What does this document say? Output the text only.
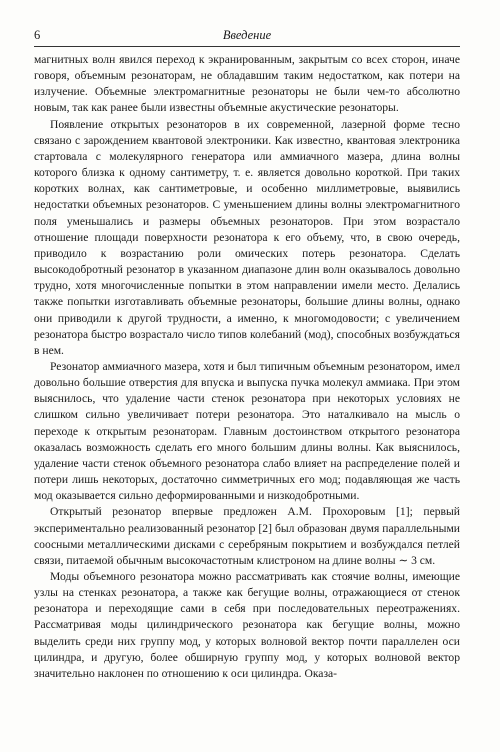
6	Введение

магнитных волн явился переход к экранированным, закрытым со всех сторон, иначе говоря, объемным резонаторам, не обладавшим таким недостатком, как потери на излучение. Объемные электромагнитные резонаторы не были чем-то абсолютно новым, так как ранее были известны объемные акустические резонаторы.

Появление открытых резонаторов в их современной, лазерной форме тесно связано с зарождением квантовой электроники. Как известно, квантовая электроника стартовала с молекулярного генератора или аммиачного мазера, длина волны которого близка к одному сантиметру, т. е. является довольно короткой. При таких коротких волнах, как сантиметровые, и особенно миллиметровые, выявились недостатки объемных резонаторов. С уменьшением длины волны электромагнитного поля уменьшались и размеры объемных резонаторов. При этом возрастало отношение площади поверхности резонатора к его объему, что, в свою очередь, приводило к возрастанию роли омических потерь резонатора. Сделать высокодобротный резонатор в указанном диапазоне длин волн оказывалось довольно трудно, хотя многочисленные попытки в этом направлении имели место. Делались также попытки изготавливать объемные резонаторы, большие длины волны, однако они приводили к другой трудности, а именно, к многомодовости; с увеличением резонатора быстро возрастало число типов колебаний (мод), способных возбуждаться в нем.

Резонатор аммиачного мазера, хотя и был типичным объемным резонатором, имел довольно большие отверстия для впуска и выпуска пучка молекул аммиака. При этом выяснилось, что удаление части стенок резонатора при некоторых условиях не слишком сильно увеличивает потери резонатора. Это наталкивало на мысль о переходе к открытым резонаторам. Главным достоинством открытого резонатора оказалась возможность сделать его много большим длины волны. Как выяснилось, удаление части стенок объемного резонатора слабо влияет на распределение полей и потери лишь некоторых, достаточно симметричных его мод; подавляющая же часть мод оказывается сильно деформированными и низкодобротными.

Открытый резонатор впервые предложен А.М. Прохоровым [1]; первый экспериментально реализованный резонатор [2] был образован двумя параллельными соосными металлическими дисками с серебряным покрытием и возбуждался петлей связи, питаемой обычным высокочастотным клистроном на длине волны ∼ 3 см.

Моды объемного резонатора можно рассматривать как стоячие волны, имеющие узлы на стенках резонатора, а также как бегущие волны, отражающиеся от стенок резонатора и переходящие сами в себя при последовательных переотражениях. Рассматривая моды цилиндрического резонатора как бегущие волны, можно выделить среди них группу мод, у которых волновой вектор почти параллелен оси цилиндра, и другую, более обширную группу мод, у которых волновой вектор значительно наклонен по отношению к оси цилиндра. Оказа-
